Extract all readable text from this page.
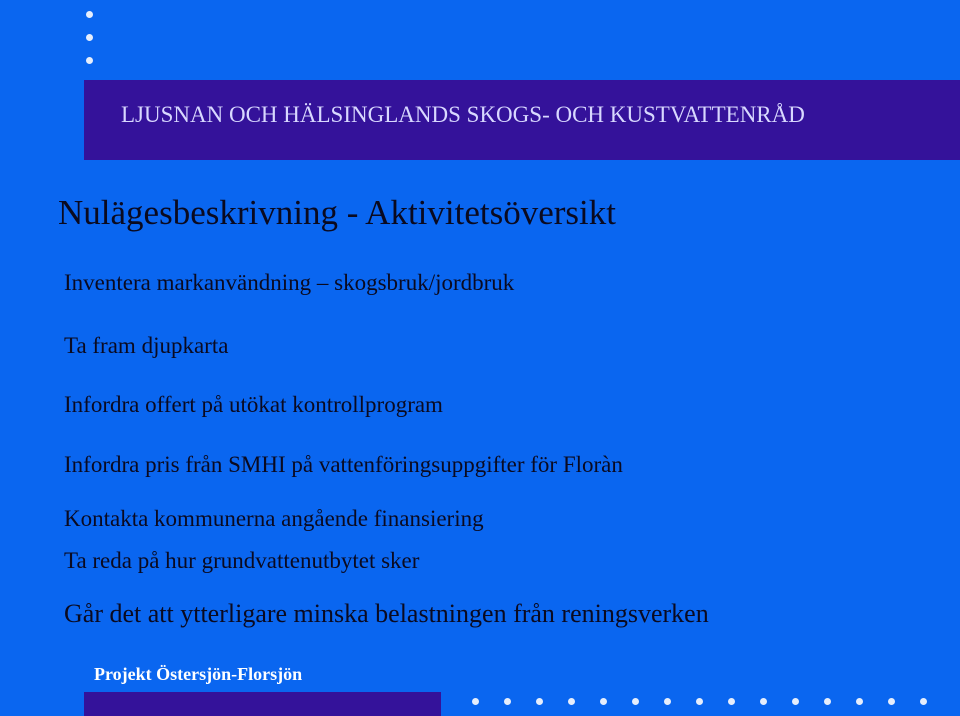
LJUSNAN OCH HÄLSINGLANDS SKOGS- OCH KUSTVATTENRÅD
Nulägesbeskrivning - Aktivitetsöversikt
Inventera markanvändning – skogsbruk/jordbruk
Ta fram djupkarta
Infordra offert på utökat kontrollprogram
Infordra pris från SMHI på vattenföringsuppgifter för Floràn
Kontakta kommunerna angående finansiering
Ta reda på hur grundvattenutbytet sker
Går det att ytterligare minska belastningen från reningsverken
Projekt Östersjön-Florsjön
